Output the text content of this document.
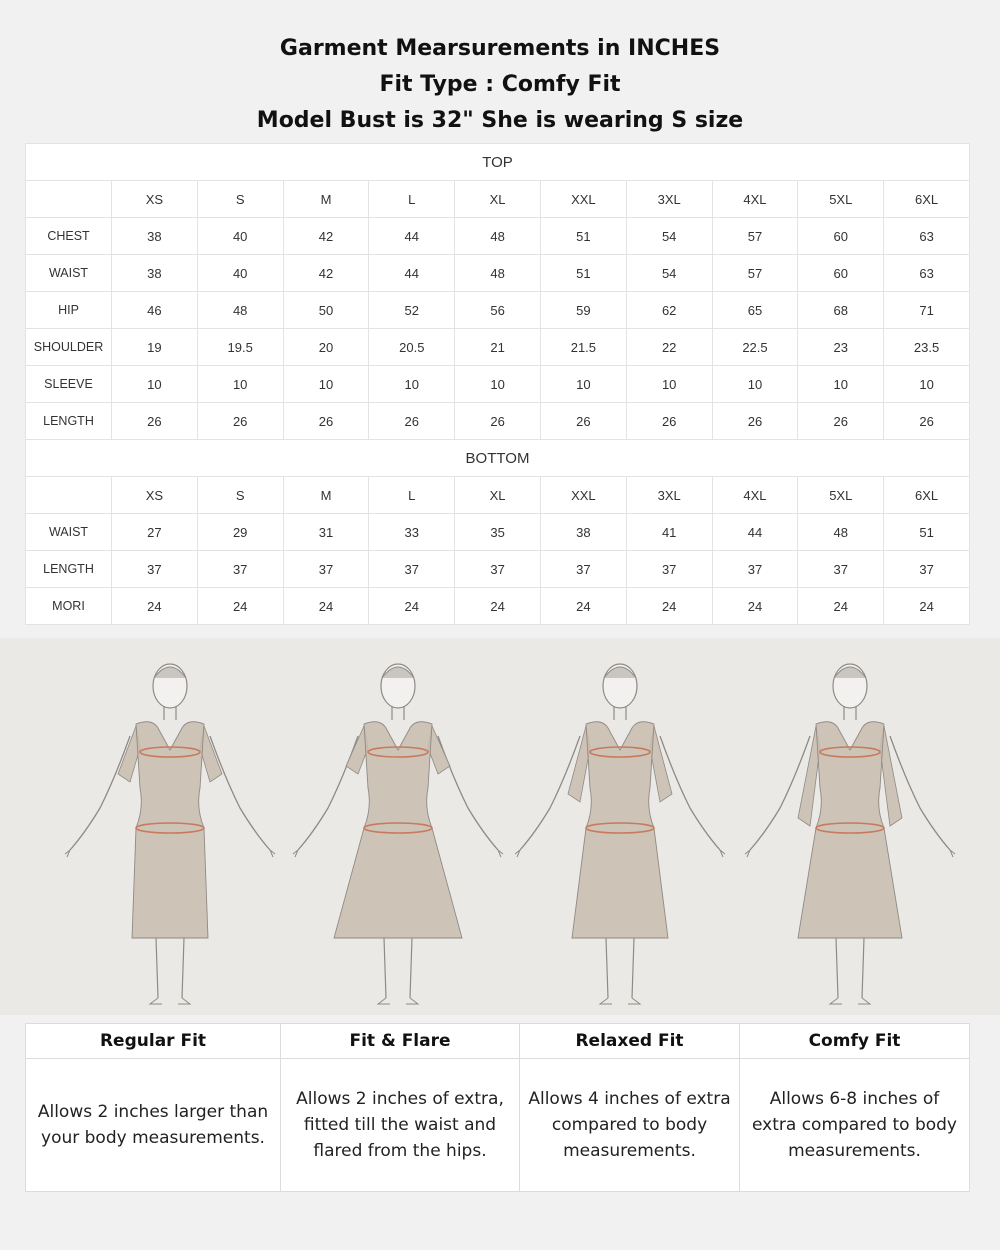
Garment Mearsurements in INCHES
Fit Type : Comfy Fit
Model Bust is 32" She is wearing S size
TOP										
	XS	S	M	L	XL	XXL	3XL	4XL	5XL	6XL
CHEST	38	40	42	44	48	51	54	57	60	63
WAIST	38	40	42	44	48	51	54	57	60	63
HIP	46	48	50	52	56	59	62	65	68	71
SHOULDER	19	19.5	20	20.5	21	21.5	22	22.5	23	23.5
SLEEVE	10	10	10	10	10	10	10	10	10	10
LENGTH	26	26	26	26	26	26	26	26	26	26
BOTTOM										
	XS	S	M	L	XL	XXL	3XL	4XL	5XL	6XL
WAIST	27	29	31	33	35	38	41	44	48	51
LENGTH	37	37	37	37	37	37	37	37	37	37
MORI	24	24	24	24	24	24	24	24	24	24
Regular Fit	Fit & Flare	Relaxed Fit	Comfy Fit
Allows 2 inches larger than your body measurements.	Allows 2 inches of extra, fitted till the waist and flared from the hips.	Allows 4 inches of extra compared to body measurements.	Allows 6-8 inches of extra compared to body measurements.
